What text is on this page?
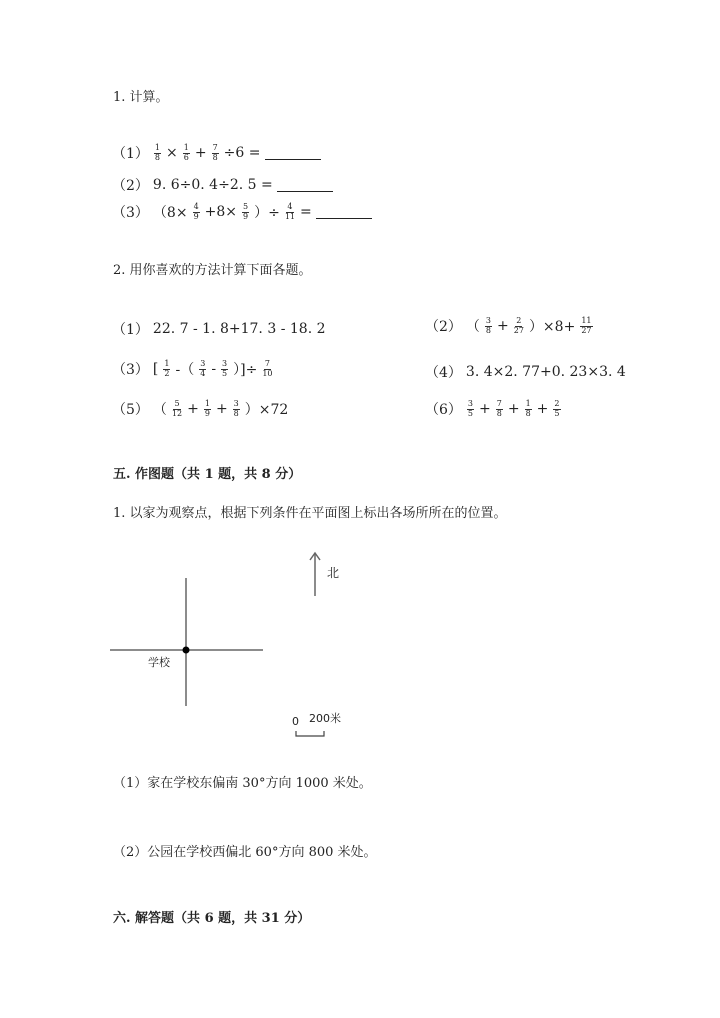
1. 计算。
$(1) \frac{1}{8} \times \frac{1}{6} + \frac{7}{8} \div 6$ =
（2） 9. 6÷0. 4÷2. 5 =
（3） （$8\times \frac{4}{9} +8\times \frac{5}{9}$ ）÷ $\frac{4}{11}$ =
2. 用你喜欢的方法计算下面各题。
（1） 22. 7 - 1. 8+17. 3 - 18. 2	（2） （ $\frac{3}{8} + \frac{2}{27} )\times 8+ \frac{11}{27}$
（3） [ $\frac{1}{2}$ -（ $\frac{3}{4} - \frac{3}{5}$ ）]÷ $\frac{7}{10}$	（4） 3. 4×2. 77+0. 23×3. 4
（5） （ $\frac{5}{12} + \frac{1}{9} + \frac{3}{8} )\times 72$	$(6) \frac{3}{5} + \frac{7}{8} + \frac{1}{8} + \frac{2}{5}$
五. 作图题（共 1 题，共 8 分）
1. 以家为观察点，根据下列条件在平面图上标出各场所所在的位置。
北
学校
0 200米
（1）家在学校东偏南 30°方向 1000 米处。
（2）公园在学校西偏北 60°方向 800 米处。
六. 解答题（共 6 题，共 31 分）
